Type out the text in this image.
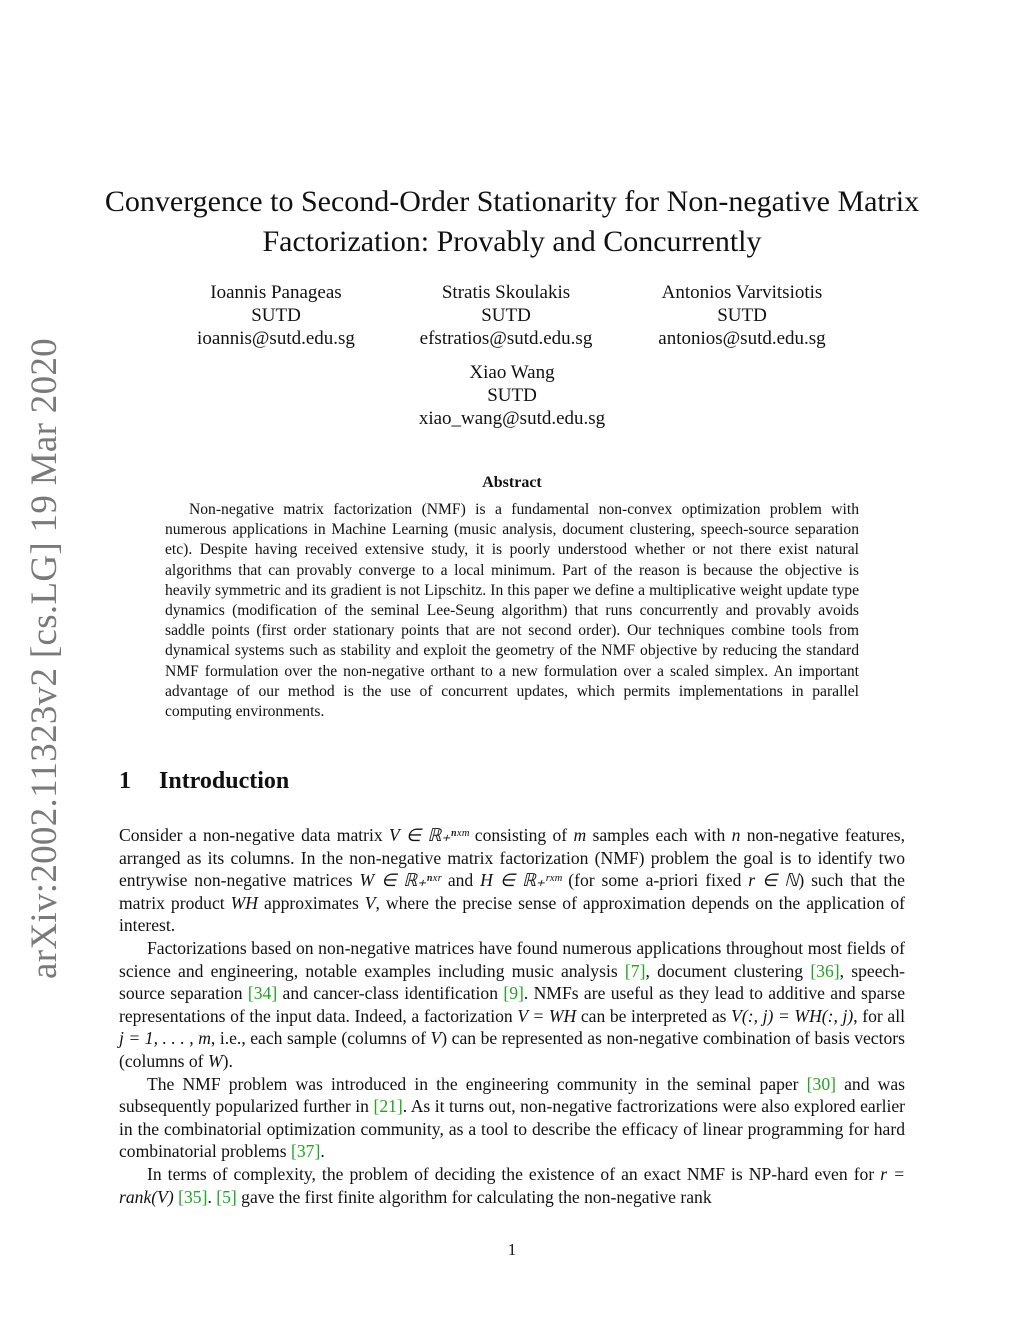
arXiv:2002.11323v2 [cs.LG] 19 Mar 2020
Convergence to Second-Order Stationarity for Non-negative Matrix
Factorization: Provably and Concurrently
Ioannis Panageas
SUTD
ioannis@sutd.edu.sg
Stratis Skoulakis
SUTD
efstratios@sutd.edu.sg
Antonios Varvitsiotis
SUTD
antonios@sutd.edu.sg
Xiao Wang
SUTD
xiao_wang@sutd.edu.sg
Abstract

Non-negative matrix factorization (NMF) is a fundamental non-convex optimization problem with numerous applications in Machine Learning (music analysis, document clustering, speech-source separation etc). Despite having received extensive study, it is poorly understood whether or not there exist natural algorithms that can provably converge to a local minimum. Part of the reason is because the objective is heavily symmetric and its gradient is not Lipschitz. In this paper we define a multiplicative weight update type dynamics (modification of the seminal Lee-Seung algorithm) that runs concurrently and provably avoids saddle points (first order stationary points that are not second order). Our techniques combine tools from dynamical systems such as stability and exploit the geometry of the NMF objective by reducing the standard NMF formulation over the non-negative orthant to a new formulation over a scaled simplex. An important advantage of our method is the use of concurrent updates, which permits implementations in parallel computing environments.

1 Introduction

Consider a non-negative data matrix V ∈ ℝ₊ⁿˣᵐ consisting of m samples each with n non-negative features, arranged as its columns. In the non-negative matrix factorization (NMF) problem the goal is to identify two entrywise non-negative matrices W ∈ ℝ₊ⁿˣʳ and H ∈ ℝ₊ʳˣᵐ (for some a-priori fixed r ∈ ℕ) such that the matrix product WH approximates V, where the precise sense of approximation depends on the application of interest.

Factorizations based on non-negative matrices have found numerous applications throughout most fields of science and engineering, notable examples including music analysis [7], document clustering [36], speech-source separation [34] and cancer-class identification [9]. NMFs are useful as they lead to additive and sparse representations of the input data. Indeed, a factorization V = WH can be interpreted as V(:, j) = WH(:, j), for all j = 1, . . . , m, i.e., each sample (columns of V) can be represented as non-negative combination of basis vectors (columns of W).

The NMF problem was introduced in the engineering community in the seminal paper [30] and was subsequently popularized further in [21]. As it turns out, non-negative factrorizations were also explored earlier in the combinatorial optimization community, as a tool to describe the efficacy of linear programming for hard combinatorial problems [37].

In terms of complexity, the problem of deciding the existence of an exact NMF is NP-hard even for r = rank(V) [35]. [5] gave the first finite algorithm for calculating the non-negative rank

1
